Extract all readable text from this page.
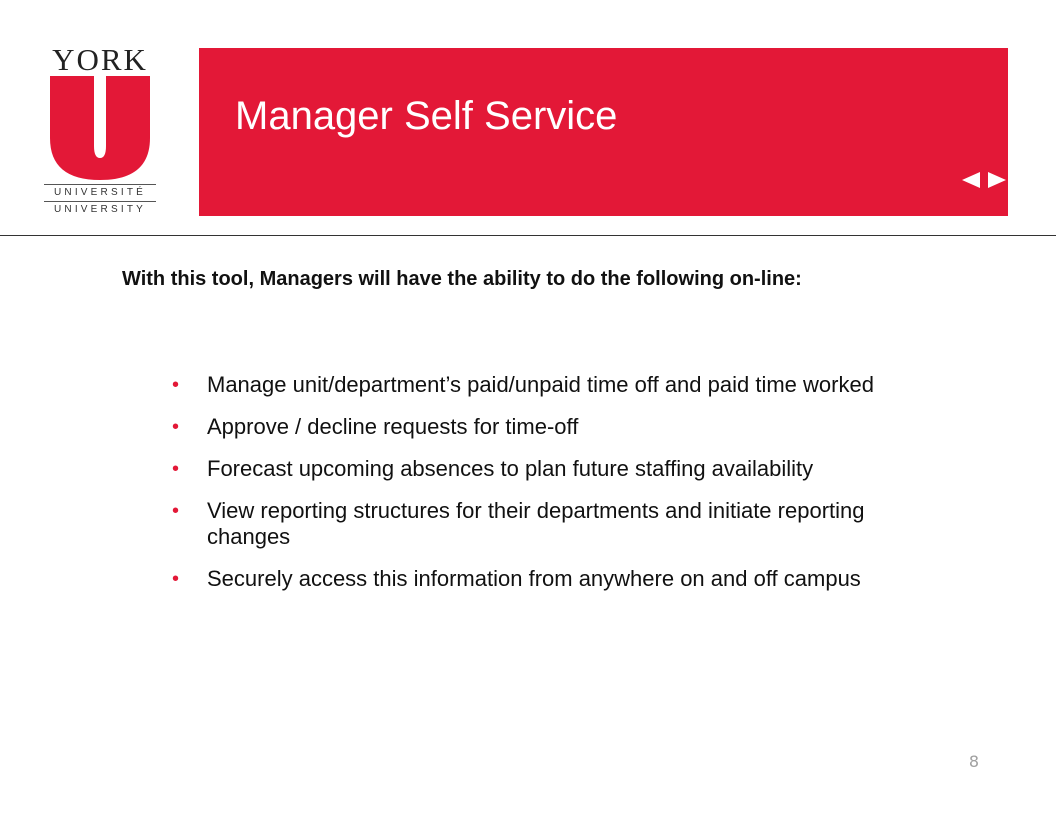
YORK
UNIVERSITÉ
UNIVERSITY
Manager Self Service
With this tool, Managers will have the ability to do the following on-line:
• Manage unit/department’s paid/unpaid time off and paid time worked
• Approve / decline requests for time-off
• Forecast upcoming absences to plan future staffing availability
• View reporting structures for their departments and initiate reporting changes
• Securely access this information from anywhere on and off campus
8
